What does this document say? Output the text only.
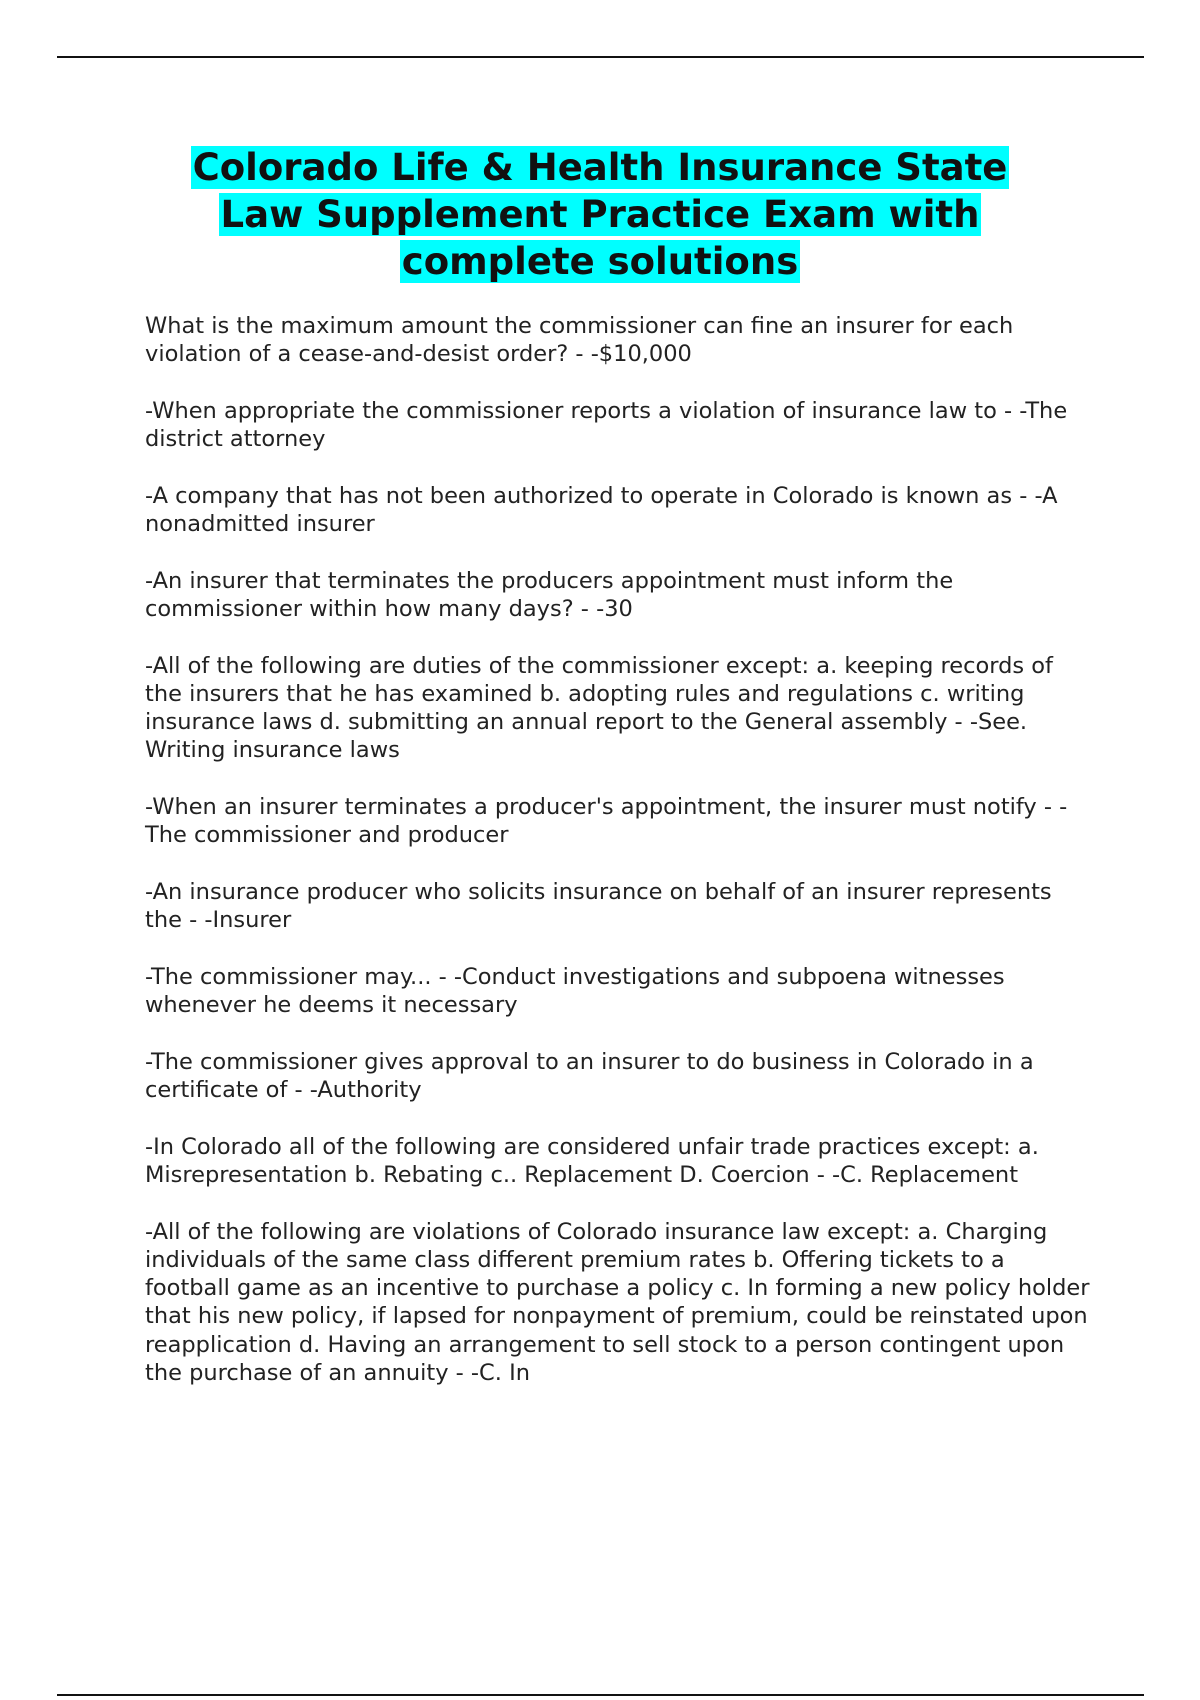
Colorado Life & Health Insurance State
Law Supplement Practice Exam with
complete solutions
What is the maximum amount the commissioner can fine an insurer for each violation of a cease-and-desist order? - -$10,000
-When appropriate the commissioner reports a violation of insurance law to - -The district attorney
-A company that has not been authorized to operate in Colorado is known as - -A nonadmitted insurer
-An insurer that terminates the producers appointment must inform the commissioner within how many days? - -30
-All of the following are duties of the commissioner except: a. keeping records of the insurers that he has examined b. adopting rules and regulations c. writing insurance laws d. submitting an annual report to the General assembly - -See. Writing insurance laws
-When an insurer terminates a producer's appointment, the insurer must notify - -The commissioner and producer
-An insurance producer who solicits insurance on behalf of an insurer represents the - -Insurer
-The commissioner may... - -Conduct investigations and subpoena witnesses whenever he deems it necessary
-The commissioner gives approval to an insurer to do business in Colorado in a certificate of - -Authority
-In Colorado all of the following are considered unfair trade practices except: a. Misrepresentation b. Rebating c.. Replacement D. Coercion - -C. Replacement
-All of the following are violations of Colorado insurance law except: a. Charging individuals of the same class different premium rates b. Offering tickets to a football game as an incentive to purchase a policy c. In forming a new policy holder that his new policy, if lapsed for nonpayment of premium, could be reinstated upon reapplication d. Having an arrangement to sell stock to a person contingent upon the purchase of an annuity - -C. In
